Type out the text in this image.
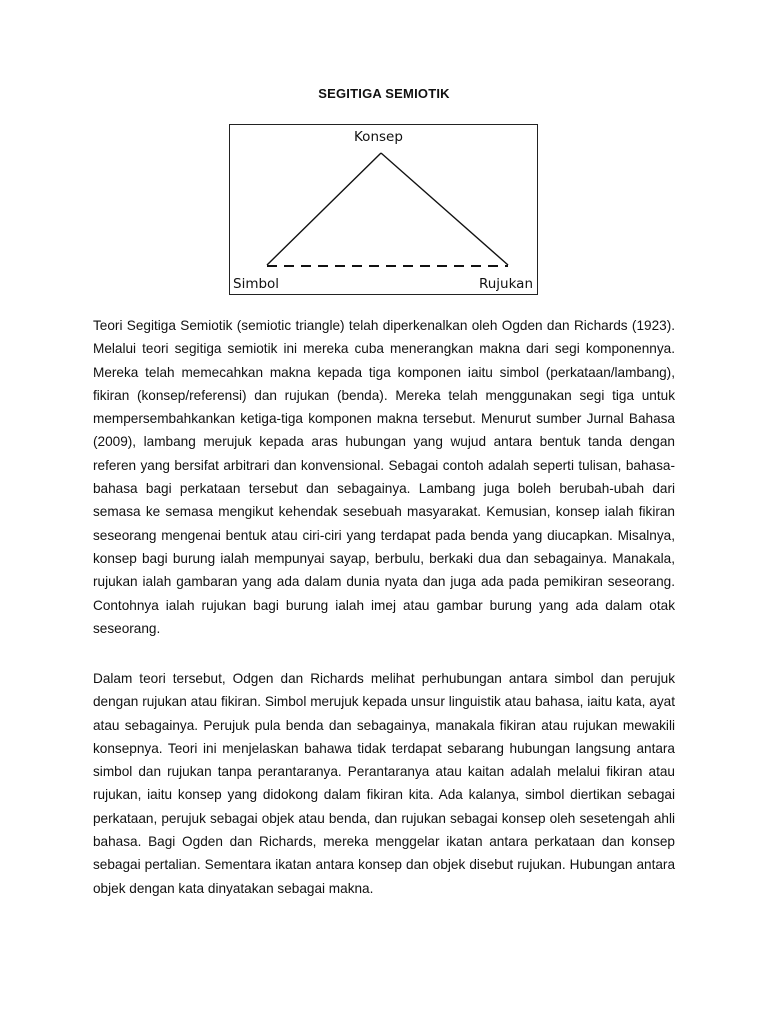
SEGITIGA SEMIOTIK
Konsep
Simbol	Rujukan

Teori Segitiga Semiotik (semiotic triangle) telah diperkenalkan oleh Ogden dan Richards (1923). Melalui teori segitiga semiotik ini mereka cuba menerangkan makna dari segi komponennya. Mereka telah memecahkan makna kepada tiga komponen iaitu simbol (perkataan/lambang), fikiran (konsep/referensi) dan rujukan (benda). Mereka telah menggunakan segi tiga untuk mempersembahkankan ketiga-tiga komponen makna tersebut. Menurut sumber Jurnal Bahasa (2009), lambang merujuk kepada aras hubungan yang wujud antara bentuk tanda dengan referen yang bersifat arbitrari dan konvensional. Sebagai contoh adalah seperti tulisan, bahasa-bahasa bagi perkataan tersebut dan sebagainya. Lambang juga boleh berubah-ubah dari semasa ke semasa mengikut kehendak sesebuah masyarakat. Kemusian, konsep ialah fikiran seseorang mengenai bentuk atau ciri-ciri yang terdapat pada benda yang diucapkan. Misalnya, konsep bagi burung ialah mempunyai sayap, berbulu, berkaki dua dan sebagainya. Manakala, rujukan ialah gambaran yang ada dalam dunia nyata dan juga ada pada pemikiran seseorang. Contohnya ialah rujukan bagi burung ialah imej atau gambar burung yang ada dalam otak seseorang.

Dalam teori tersebut, Odgen dan Richards melihat perhubungan antara simbol dan perujuk dengan rujukan atau fikiran. Simbol merujuk kepada unsur linguistik atau bahasa, iaitu kata, ayat atau sebagainya. Perujuk pula benda dan sebagainya, manakala fikiran atau rujukan mewakili konsepnya. Teori ini menjelaskan bahawa tidak terdapat sebarang hubungan langsung antara simbol dan rujukan tanpa perantaranya. Perantaranya atau kaitan adalah melalui fikiran atau rujukan, iaitu konsep yang didokong dalam fikiran kita. Ada kalanya, simbol diertikan sebagai perkataan, perujuk sebagai objek atau benda, dan rujukan sebagai konsep oleh sesetengah ahli bahasa. Bagi Ogden dan Richards, mereka menggelar ikatan antara perkataan dan konsep sebagai pertalian. Sementara ikatan antara konsep dan objek disebut rujukan. Hubungan antara objek dengan kata dinyatakan sebagai makna.
